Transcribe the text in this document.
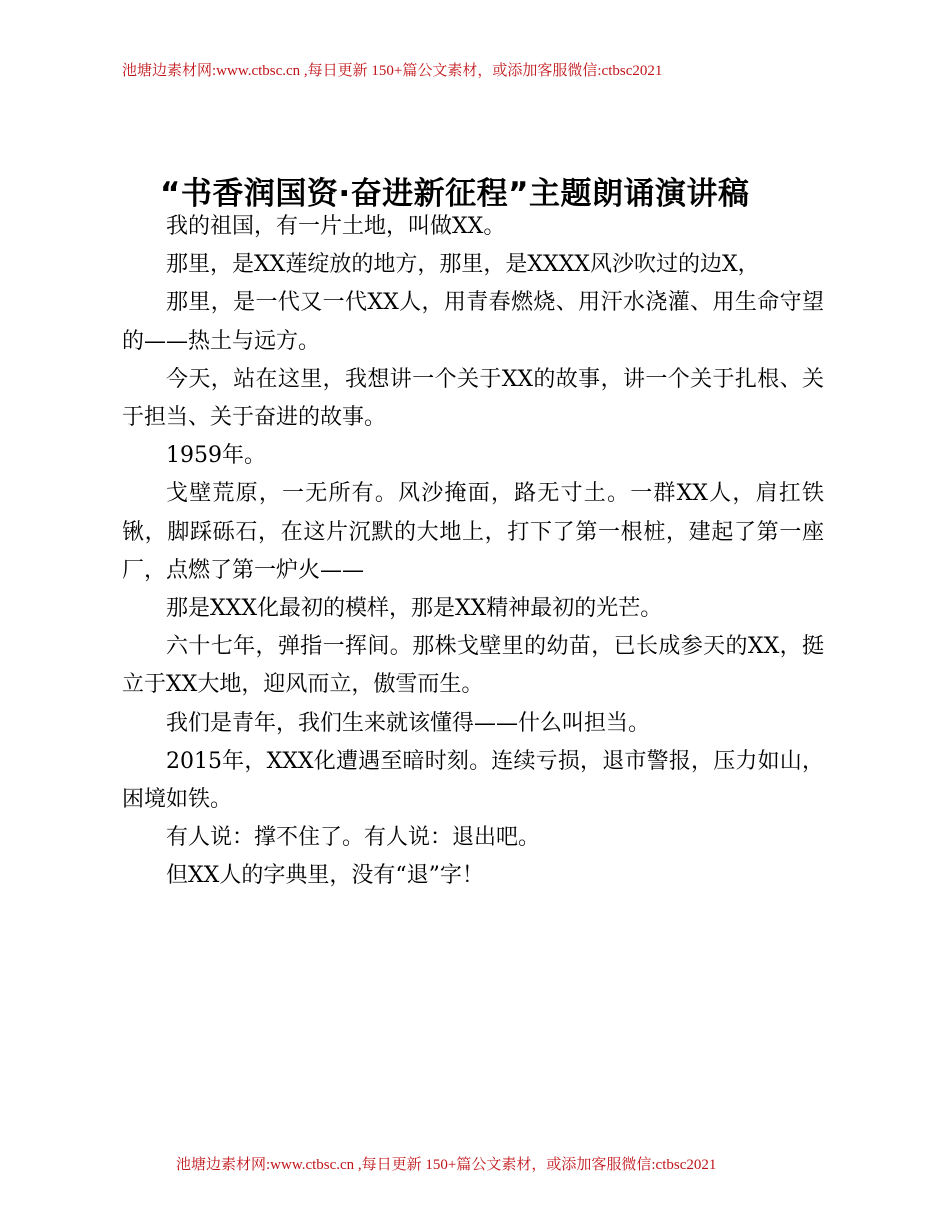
池塘边素材网:www.ctbsc.cn ,每日更新 150+篇公文素材，或添加客服微信:ctbsc2021
“书香润国资·奋进新征程”主题朗诵演讲稿

我的祖国，有一片土地，叫做XX。

那里，是XX莲绽放的地方，那里，是XXXX风沙吹过的边X，

那里，是一代又一代XX人，用青春燃烧、用汗水浇灌、用生命守望的——热土与远方。

今天，站在这里，我想讲一个关于XX的故事，讲一个关于扎根、关于担当、关于奋进的故事。

1959年。

戈壁荒原，一无所有。风沙掩面，路无寸土。一群XX人，肩扛铁锹，脚踩砾石，在这片沉默的大地上，打下了第一根桩，建起了第一座厂，点燃了第一炉火——

那是XXX化最初的模样，那是XX精神最初的光芒。

六十七年，弹指一挥间。那株戈壁里的幼苗，已长成参天的XX，挺立于XX大地，迎风而立，傲雪而生。

我们是青年，我们生来就该懂得——什么叫担当。

2015年，XXX化遭遇至暗时刻。连续亏损，退市警报，压力如山，困境如铁。

有人说：撑不住了。有人说：退出吧。

但XX人的字典里，没有“退”字！

池塘边素材网:www.ctbsc.cn ,每日更新 150+篇公文素材，或添加客服微信:ctbsc2021
